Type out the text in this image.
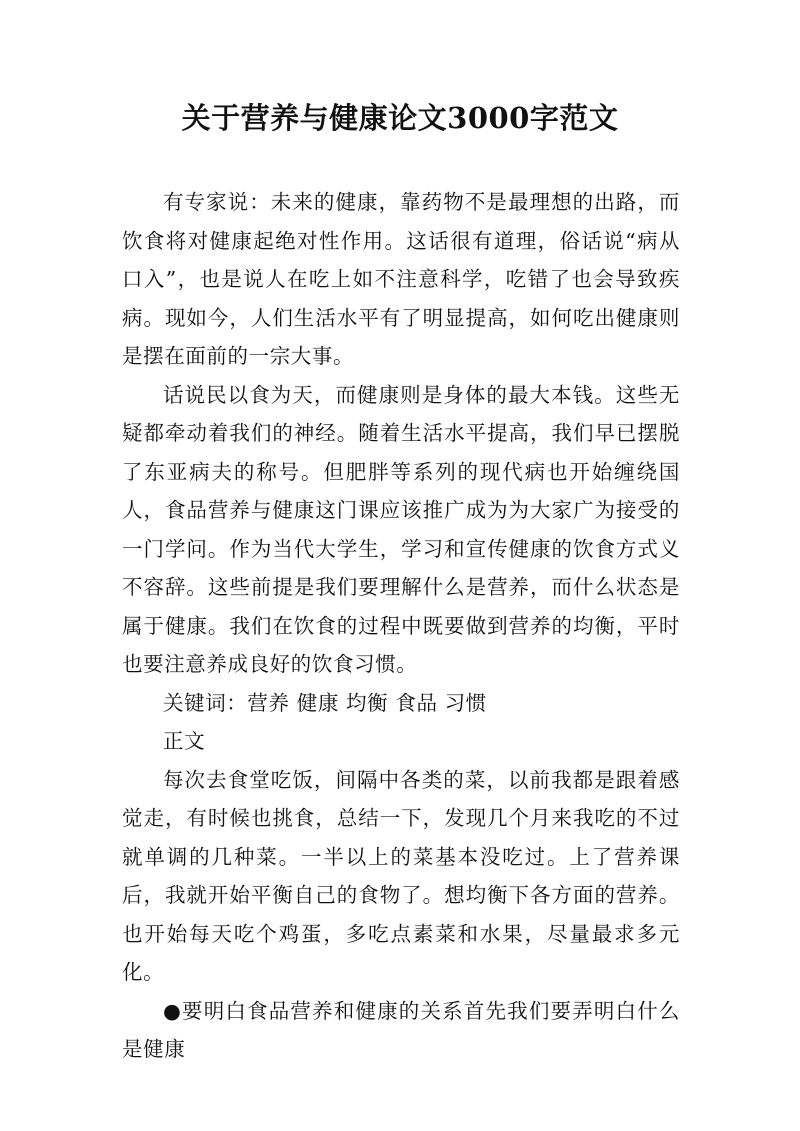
关于营养与健康论文3000字范文

有专家说：未来的健康，靠药物不是最理想的出路，而饮食将对健康起绝对性作用。这话很有道理，俗话说“病从口入”，也是说人在吃上如不注意科学，吃错了也会导致疾病。现如今，人们生活水平有了明显提高，如何吃出健康则是摆在面前的一宗大事。

话说民以食为天，而健康则是身体的最大本钱。这些无疑都牵动着我们的神经。随着生活水平提高，我们早已摆脱了东亚病夫的称号。但肥胖等系列的现代病也开始缠绕国人，食品营养与健康这门课应该推广成为为大家广为接受的一门学问。作为当代大学生，学习和宣传健康的饮食方式义不容辞。这些前提是我们要理解什么是营养，而什么状态是属于健康。我们在饮食的过程中既要做到营养的均衡，平时也要注意养成良好的饮食习惯。

关键词：营养 健康 均衡 食品 习惯

正文

每次去食堂吃饭，间隔中各类的菜，以前我都是跟着感觉走，有时候也挑食，总结一下，发现几个月来我吃的不过就单调的几种菜。一半以上的菜基本没吃过。上了营养课后，我就开始平衡自己的食物了。想均衡下各方面的营养。也开始每天吃个鸡蛋，多吃点素菜和水果，尽量最求多元化。

●要明白食品营养和健康的关系首先我们要弄明白什么是健康
